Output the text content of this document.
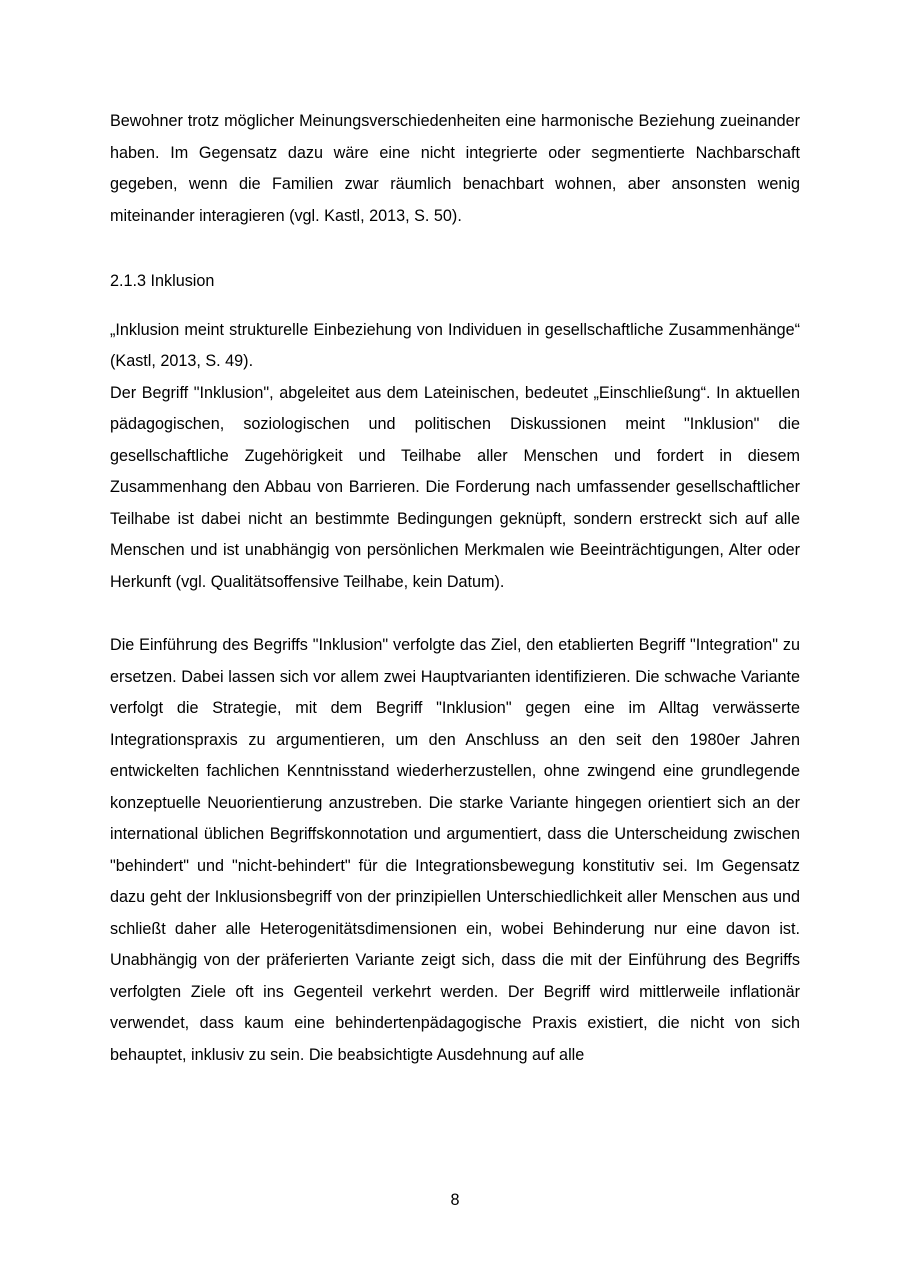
Bewohner trotz möglicher Meinungsverschiedenheiten eine harmonische Beziehung zueinander haben. Im Gegensatz dazu wäre eine nicht integrierte oder segmentierte Nachbarschaft gegeben, wenn die Familien zwar räumlich benachbart wohnen, aber ansonsten wenig miteinander interagieren (vgl. Kastl, 2013, S. 50).

2.1.3 Inklusion

„Inklusion meint strukturelle Einbeziehung von Individuen in gesellschaftliche Zusammenhänge“ (Kastl, 2013, S. 49).

Der Begriff "Inklusion", abgeleitet aus dem Lateinischen, bedeutet „Einschließung“. In aktuellen pädagogischen, soziologischen und politischen Diskussionen meint "Inklusion" die gesellschaftliche Zugehörigkeit und Teilhabe aller Menschen und fordert in diesem Zusammenhang den Abbau von Barrieren. Die Forderung nach umfassender gesellschaftlicher Teilhabe ist dabei nicht an bestimmte Bedingungen geknüpft, sondern erstreckt sich auf alle Menschen und ist unabhängig von persönlichen Merkmalen wie Beeinträchtigungen, Alter oder Herkunft (vgl. Qualitätsoffensive Teilhabe, kein Datum).

Die Einführung des Begriffs "Inklusion" verfolgte das Ziel, den etablierten Begriff "Integration" zu ersetzen. Dabei lassen sich vor allem zwei Hauptvarianten identifizieren. Die schwache Variante verfolgt die Strategie, mit dem Begriff "Inklusion" gegen eine im Alltag verwässerte Integrationspraxis zu argumentieren, um den Anschluss an den seit den 1980er Jahren entwickelten fachlichen Kenntnisstand wiederherzustellen, ohne zwingend eine grundlegende konzeptuelle Neuorientierung anzustreben. Die starke Variante hingegen orientiert sich an der international üblichen Begriffskonnotation und argumentiert, dass die Unterscheidung zwischen "behindert" und "nicht-behindert" für die Integrationsbewegung konstitutiv sei. Im Gegensatz dazu geht der Inklusionsbegriff von der prinzipiellen Unterschiedlichkeit aller Menschen aus und schließt daher alle Heterogenitätsdimensionen ein, wobei Behinderung nur eine davon ist. Unabhängig von der präferierten Variante zeigt sich, dass die mit der Einführung des Begriffs verfolgten Ziele oft ins Gegenteil verkehrt werden. Der Begriff wird mittlerweile inflationär verwendet, dass kaum eine behindertenpädagogische Praxis existiert, die nicht von sich behauptet, inklusiv zu sein. Die beabsichtigte Ausdehnung auf alle

8
